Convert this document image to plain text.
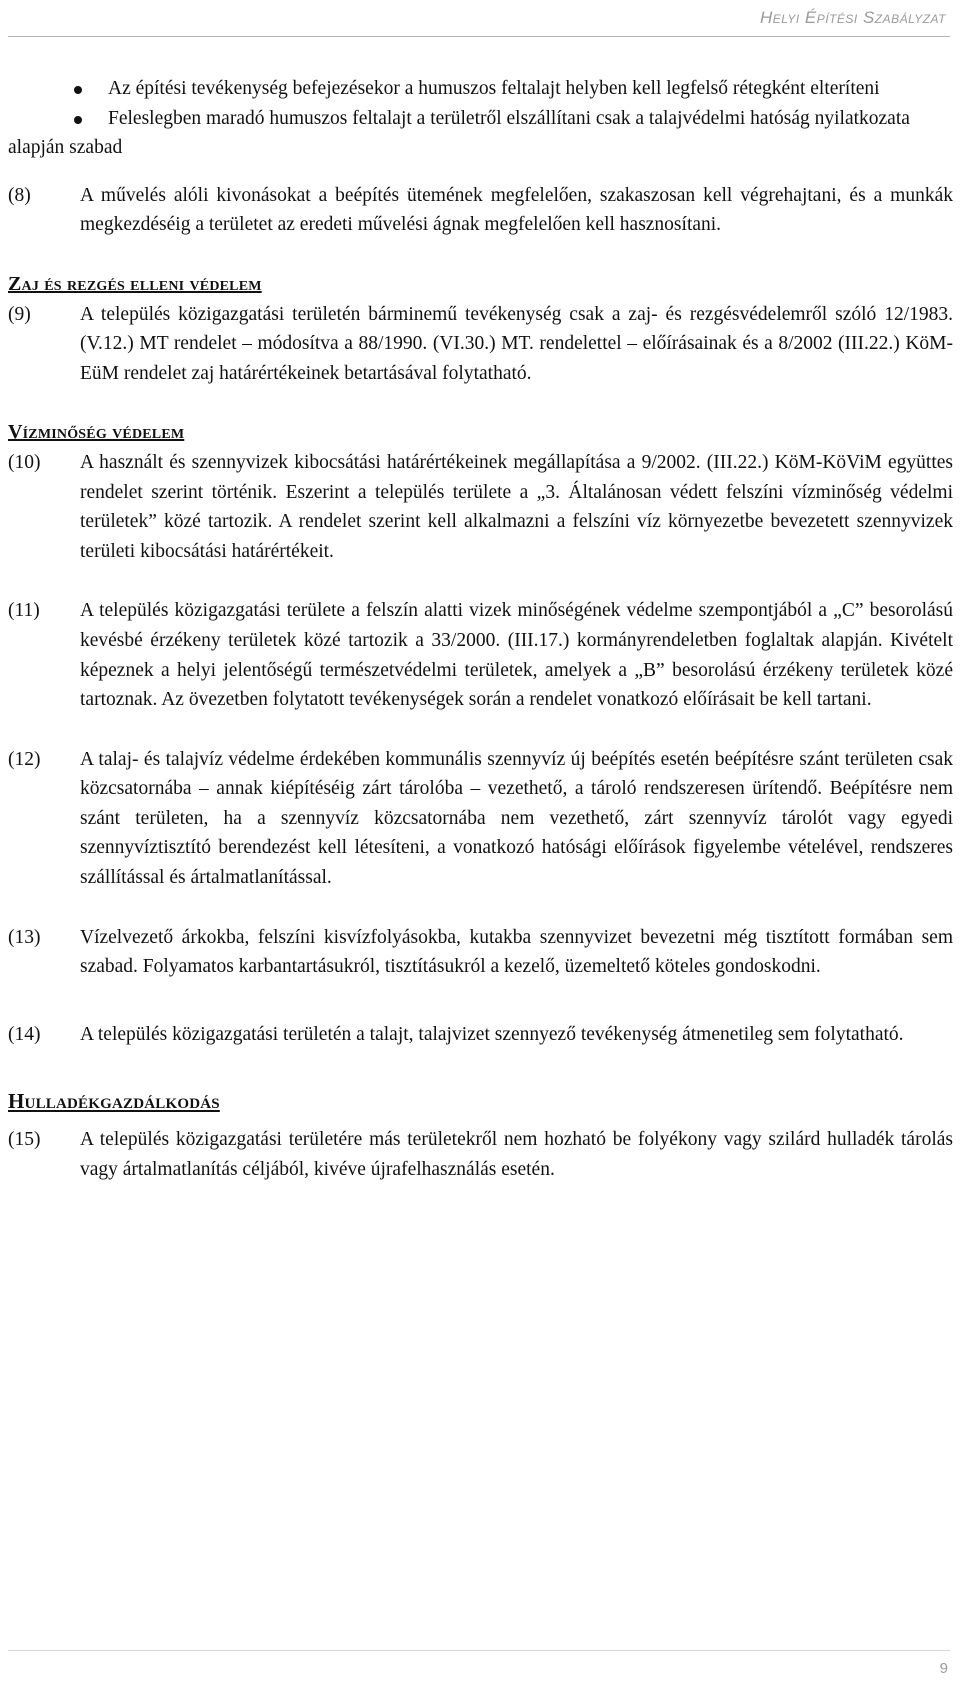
Helyi Építési Szabályzat

Az építési tevékenység befejezésekor a humuszos feltalajt helyben kell legfelső rétegként elteríteni

Feleslegben maradó humuszos feltalajt a területről elszállítani csak a talajvédelmi hatóság nyilatkozata alapján szabad

(8)	A művelés alóli kivonásokat a beépítés ütemének megfelelően, szakaszosan kell végrehajtani, és a munkák megkezdéséig a területet az eredeti művelési ágnak megfelelően kell hasznosítani.

Zaj és rezgés elleni védelem

(9)	A település közigazgatási területén bárminemű tevékenység csak a zaj- és rezgésvédelemről szóló 12/1983. (V.12.) MT rendelet – módosítva a 88/1990. (VI.30.) MT. rendelettel – előírásainak és a 8/2002 (III.22.) KöM-EüM rendelet zaj határértékeinek betartásával folytatható.

Vízminőség védelem

(10)	A használt és szennyvizek kibocsátási határértékeinek megállapítása a 9/2002. (III.22.) KöM-KöViM együttes rendelet szerint történik. Eszerint a település területe a „3. Általánosan védett felszíni vízminőség védelmi területek” közé tartozik. A rendelet szerint kell alkalmazni a felszíni víz környezetbe bevezetett szennyvizek területi kibocsátási határértékeit.
(11)	A település közigazgatási területe a felszín alatti vizek minőségének védelme szempontjából a „C” besorolású kevésbé érzékeny területek közé tartozik a 33/2000. (III.17.) kormányrendeletben foglaltak alapján. Kivételt képeznek a helyi jelentőségű természetvédelmi területek, amelyek a „B” besorolású érzékeny területek közé tartoznak. Az övezetben folytatott tevékenységek során a rendelet vonatkozó előírásait be kell tartani.
(12)	A talaj- és talajvíz védelme érdekében kommunális szennyvíz új beépítés esetén beépítésre szánt területen csak közcsatornába – annak kiépítéséig zárt tárolóba – vezethető, a tároló rendszeresen ürítendő. Beépítésre nem szánt területen, ha a szennyvíz közcsatornába nem vezethető, zárt szennyvíz tárolót vagy egyedi szennyvíztisztító berendezést kell létesíteni, a vonatkozó hatósági előírások figyelembe vételével, rendszeres szállítással és ártalmatlanítással.
(13)	Vízelvezető árkokba, felszíni kisvízfolyásokba, kutakba szennyvizet bevezetni még tisztított formában sem szabad. Folyamatos karbantartásukról, tisztításukról a kezelő, üzemeltető köteles gondoskodni.
(14)	A település közigazgatási területén a talajt, talajvizet szennyező tevékenység átmenetileg sem folytatható.

Hulladékgazdálkodás

(15)	A település közigazgatási területére más területekről nem hozható be folyékony vagy szilárd hulladék tárolás vagy ártalmatlanítás céljából, kivéve újrafelhasználás esetén.
9
